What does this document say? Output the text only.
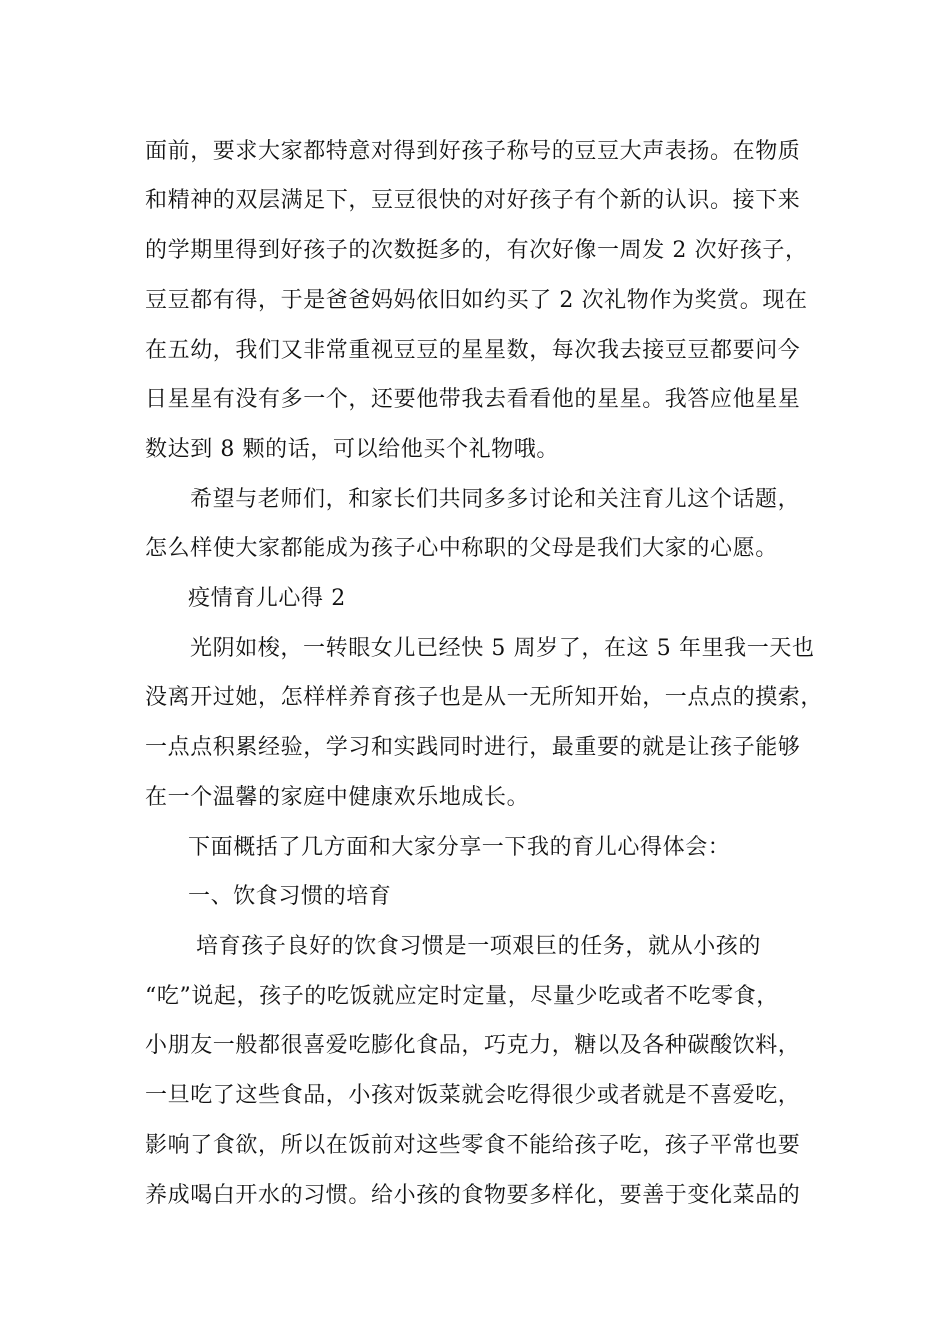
面前，要求大家都特意对得到好孩子称号的豆豆大声表扬。在物质
和精神的双层满足下，豆豆很快的对好孩子有个新的认识。接下来
的学期里得到好孩子的次数挺多的，有次好像一周发 2 次好孩子，
豆豆都有得，于是爸爸妈妈依旧如约买了 2 次礼物作为奖赏。现在
在五幼，我们又非常重视豆豆的星星数，每次我去接豆豆都要问今
日星星有没有多一个，还要他带我去看看他的星星。我答应他星星
数达到 8 颗的话，可以给他买个礼物哦。
希望与老师们，和家长们共同多多讨论和关注育儿这个话题，
怎么样使大家都能成为孩子心中称职的父母是我们大家的心愿。
疫情育儿心得 2
光阴如梭，一转眼女儿已经快 5 周岁了，在这 5 年里我一天也
没离开过她，怎样样养育孩子也是从一无所知开始，一点点的摸索，
一点点积累经验，学习和实践同时进行，最重要的就是让孩子能够
在一个温馨的家庭中健康欢乐地成长。
下面概括了几方面和大家分享一下我的育儿心得体会：
一、饮食习惯的培育
培育孩子良好的饮食习惯是一项艰巨的任务，就从小孩的
“吃”说起，孩子的吃饭就应定时定量，尽量少吃或者不吃零食，
小朋友一般都很喜爱吃膨化食品，巧克力，糖以及各种碳酸饮料，
一旦吃了这些食品，小孩对饭菜就会吃得很少或者就是不喜爱吃，
影响了食欲，所以在饭前对这些零食不能给孩子吃，孩子平常也要
养成喝白开水的习惯。给小孩的食物要多样化，要善于变化菜品的
